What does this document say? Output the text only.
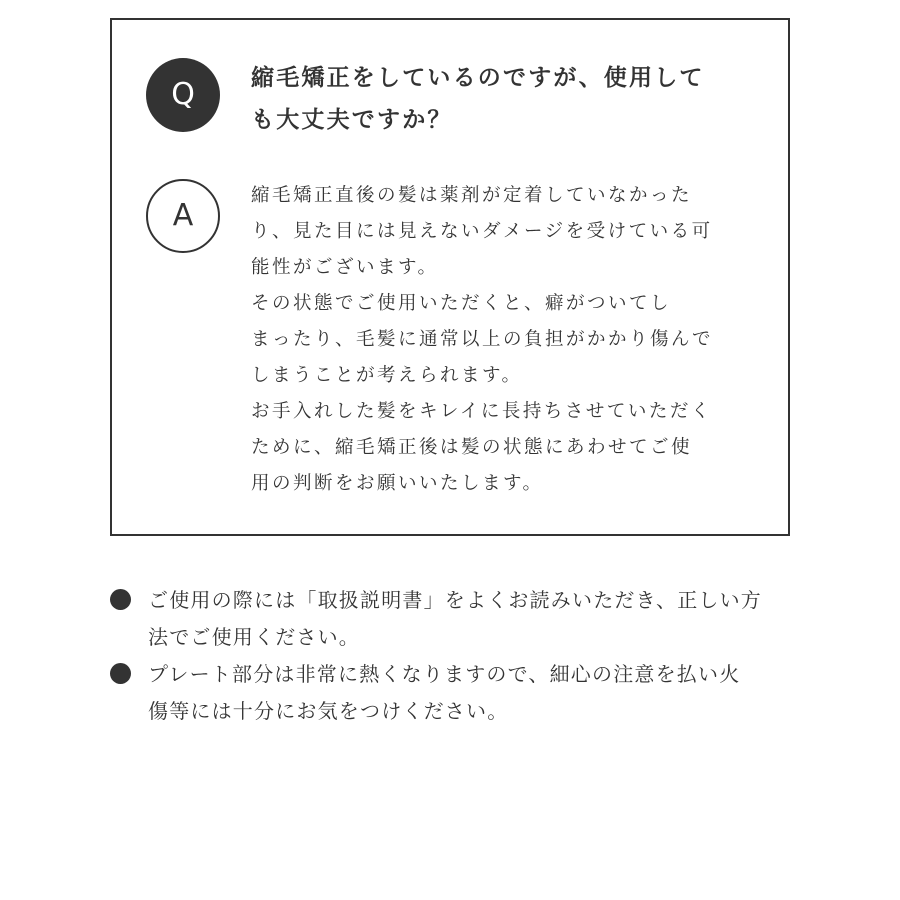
Q	縮毛矯正をしているのですが、使用して
も大丈夫ですか？
A

縮毛矯正直後の髪は薬剤が定着していなかった

り、見た目には見えないダメージを受けている可

能性がございます。

その状態でご使用いただくと、癖がついてし

まったり、毛髪に通常以上の負担がかかり傷んで

しまうことが考えられます。

お手入れした髪をキレイに長持ちさせていただく

ために、縮毛矯正後は髪の状態にあわせてご使

用の判断をお願いいたします。

ご使用の際には「取扱説明書」をよくお読みいただき、正しい方
法でご使用ください。
プレート部分は非常に熱くなりますので、細心の注意を払い火
傷等には十分にお気をつけください。
